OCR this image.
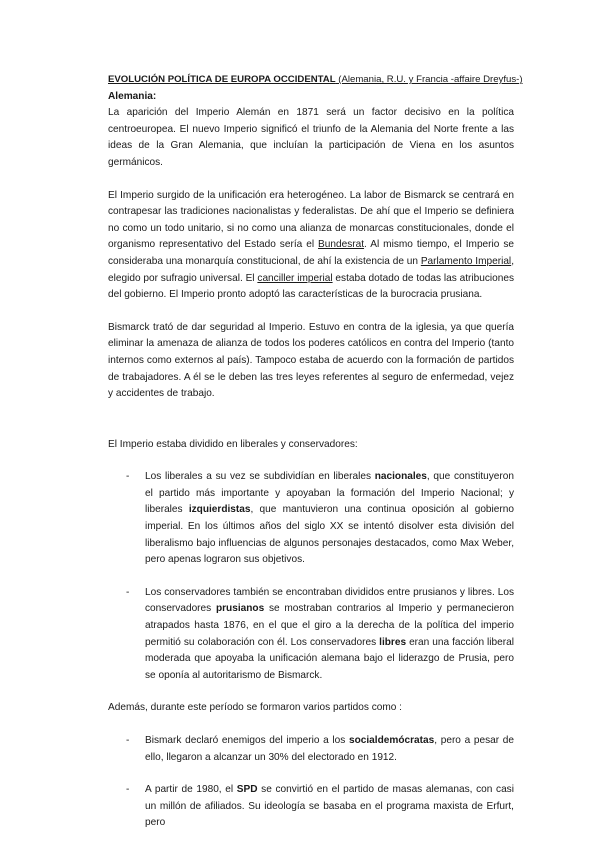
EVOLUCIÓN POLÍTICA DE EUROPA OCCIDENTAL (Alemania, R.U. y Francia -affaire Dreyfus-)

Alemania:

La aparición del Imperio Alemán en 1871 será un factor decisivo en la política centroeuropea. El nuevo Imperio significó el triunfo de la Alemania del Norte frente a las ideas de la Gran Alemania, que incluían la participación de Viena en los asuntos germánicos.

El Imperio surgido de la unificación era heterogéneo. La labor de Bismarck se centrará en contrapesar las tradiciones nacionalistas y federalistas. De ahí que el Imperio se definiera no como un todo unitario, si no como una alianza de monarcas constitucionales, donde el organismo representativo del Estado sería el Bundesrat. Al mismo tiempo, el Imperio se consideraba una monarquía constitucional, de ahí la existencia de un Parlamento Imperial, elegido por sufragio universal. El canciller imperial estaba dotado de todas las atribuciones del gobierno. El Imperio pronto adoptó las características de la burocracia prusiana.

Bismarck trató de dar seguridad al Imperio. Estuvo en contra de la iglesia, ya que quería eliminar la amenaza de alianza de todos los poderes católicos en contra del Imperio (tanto internos como externos al país). Tampoco estaba de acuerdo con la formación de partidos de trabajadores. A él se le deben las tres leyes referentes al seguro de enfermedad, vejez y accidentes de trabajo.

El Imperio estaba dividido en liberales y conservadores:

- Los liberales a su vez se subdividían en liberales nacionales, que constituyeron el partido más importante y apoyaban la formación del Imperio Nacional; y liberales izquierdistas, que mantuvieron una continua oposición al gobierno imperial. En los últimos años del siglo XX se intentó disolver esta división del liberalismo bajo influencias de algunos personajes destacados, como Max Weber, pero apenas lograron sus objetivos.
- Los conservadores también se encontraban divididos entre prusianos y libres. Los conservadores prusianos se mostraban contrarios al Imperio y permanecieron atrapados hasta 1876, en el que el giro a la derecha de la política del imperio permitió su colaboración con él. Los conservadores libres eran una facción liberal moderada que apoyaba la unificación alemana bajo el liderazgo de Prusia, pero se oponía al autoritarismo de Bismarck.

Además, durante este período se formaron varios partidos como :

- Bismark declaró enemigos del imperio a los socialdemócratas, pero a pesar de ello, llegaron a alcanzar un 30% del electorado en 1912.
- A partir de 1980, el SPD se convirtió en el partido de masas alemanas, con casi un millón de afiliados. Su ideología se basaba en el programa maxista de Erfurt, pero
